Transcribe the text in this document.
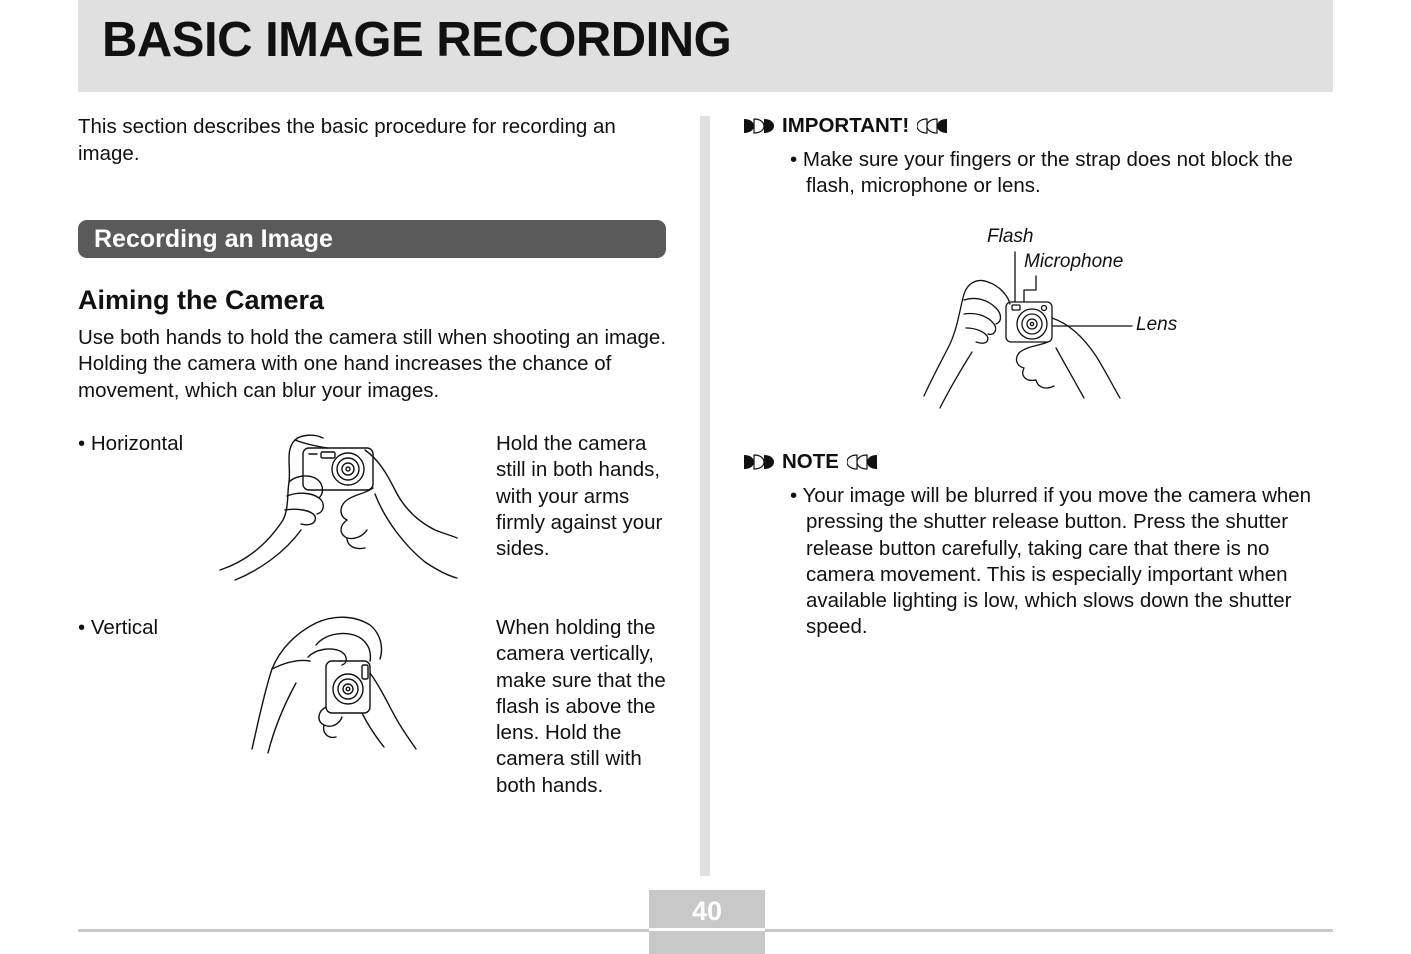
BASIC IMAGE RECORDING

This section describes the basic procedure for recording an image.

Recording an Image
Aiming the Camera

Use both hands to hold the camera still when shooting an image. Holding the camera with one hand increases the chance of movement, which can blur your images.

• Horizontal	Hold the camera still in both hands, with your arms firmly against your sides.

• Vertical	When holding the camera vertically, make sure that the flash is above the lens. Hold the camera still with both hands.

IMPORTANT!

• Make sure your fingers or the strap does not block the flash, microphone or lens.

Flash
Microphone
Lens
NOTE

• Your image will be blurred if you move the camera when pressing the shutter release button. Press the shutter release button carefully, taking care that there is no camera movement. This is especially important when available lighting is low, which slows down the shutter speed.

40
